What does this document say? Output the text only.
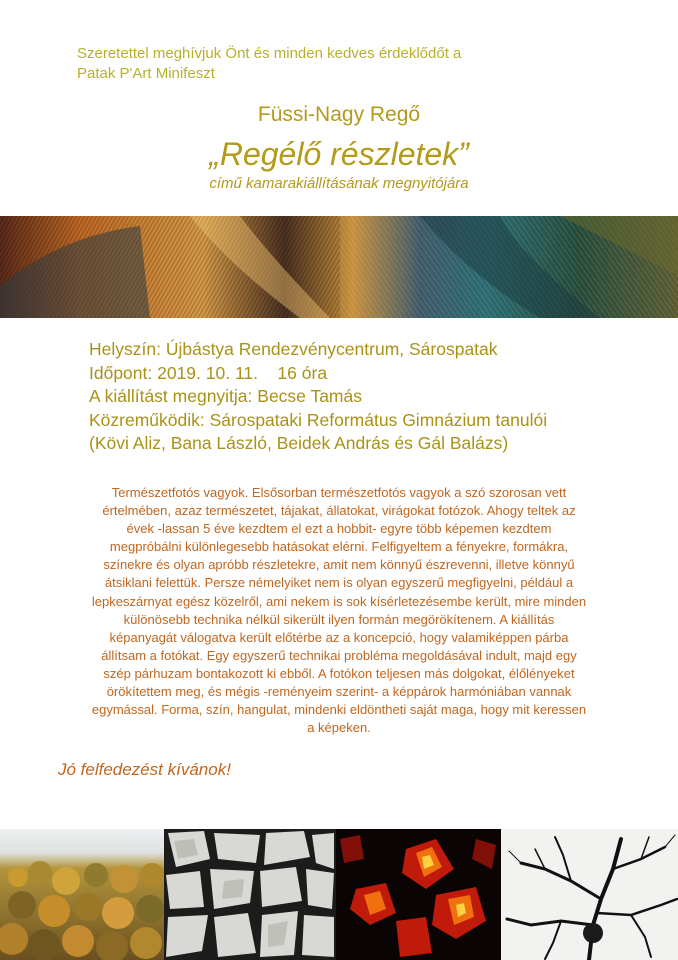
Szeretettel meghívjuk Önt és minden kedves érdeklődőt a
Patak P'Art Minifeszt
Füssi-Nagy Regő
„Regélő részletek”
című kamarakiállításának megnyitójára
Helyszín: Újbástya Rendezvénycentrum, Sárospatak
Időpont: 2019. 10. 11.    16 óra
A kiállítást megnyitja: Becse Tamás
Közreműködik: Sárospataki Református Gimnázium tanulói
(Kövi Aliz, Bana László, Beidek András és Gál Balázs)
Természetfotós vagyok. Elsősorban természetfotós vagyok a szó szorosan vett
értelmében, azaz természetet, tájakat, állatokat, virágokat fotózok. Ahogy teltek az
évek -lassan 5 éve kezdtem el ezt a hobbit- egyre több képemen kezdtem
megpróbálni különlegesebb hatásokat elérni. Felfigyeltem a fényekre, formákra,
színekre és olyan apróbb részletekre, amit nem könnyű észrevenni, illetve könnyű
átsiklani felettük. Persze némelyiket nem is olyan egyszerű megfigyelni, például a
lepkeszárnyat egész közelről, ami nekem is sok kísérletezésembe került, mire minden
különösebb technika nélkül sikerült ilyen formán megörökítenem. A kiállítás
képanyagát válogatva került előtérbe az a koncepció, hogy valamiképpen párba
állítsam a fotókat. Egy egyszerű technikai probléma megoldásával indult, majd egy
szép párhuzam bontakozott ki ebből. A fotókon teljesen más dolgokat, élőlényeket
örökítettem meg, és mégis -reményeim szerint- a képpárok harmóniában vannak
egymással. Forma, szín, hangulat, mindenki eldöntheti saját maga, hogy mit keressen
a képeken.
Jó felfedezést kívánok!
